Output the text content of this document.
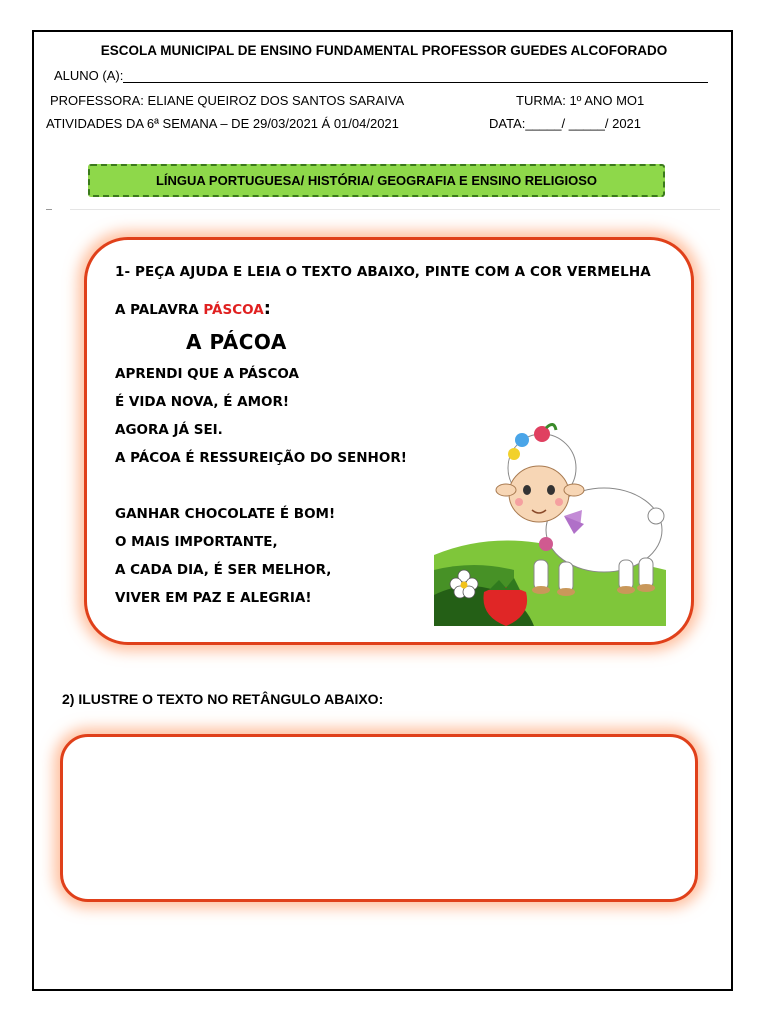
ESCOLA MUNICIPAL DE ENSINO FUNDAMENTAL PROFESSOR GUEDES ALCOFORADO
ALUNO (A):
PROFESSORA: ELIANE QUEIROZ DOS SANTOS SARAIVA	TURMA: 1º ANO MO1
ATIVIDADES DA 6ª SEMANA – DE 29/03/2021 Á 01/04/2021	DATA:_____/ _____/ 2021
LÍNGUA PORTUGUESA/ HISTÓRIA/ GEOGRAFIA E ENSINO RELIGIOSO
1- PEÇA AJUDA E LEIA O TEXTO ABAIXO, PINTE COM A COR VERMELHA
A PALAVRA PÁSCOA:
A PÁCOA
APRENDI QUE A PÁSCOA
É VIDA NOVA, É AMOR!
AGORA JÁ SEI.
A PÁCOA É RESSUREIÇÃO DO SENHOR!
GANHAR CHOCOLATE É BOM!
O MAIS IMPORTANTE,
A CADA DIA, É SER MELHOR,
VIVER EM PAZ E ALEGRIA!
2) ILUSTRE O TEXTO NO RETÂNGULO ABAIXO:
